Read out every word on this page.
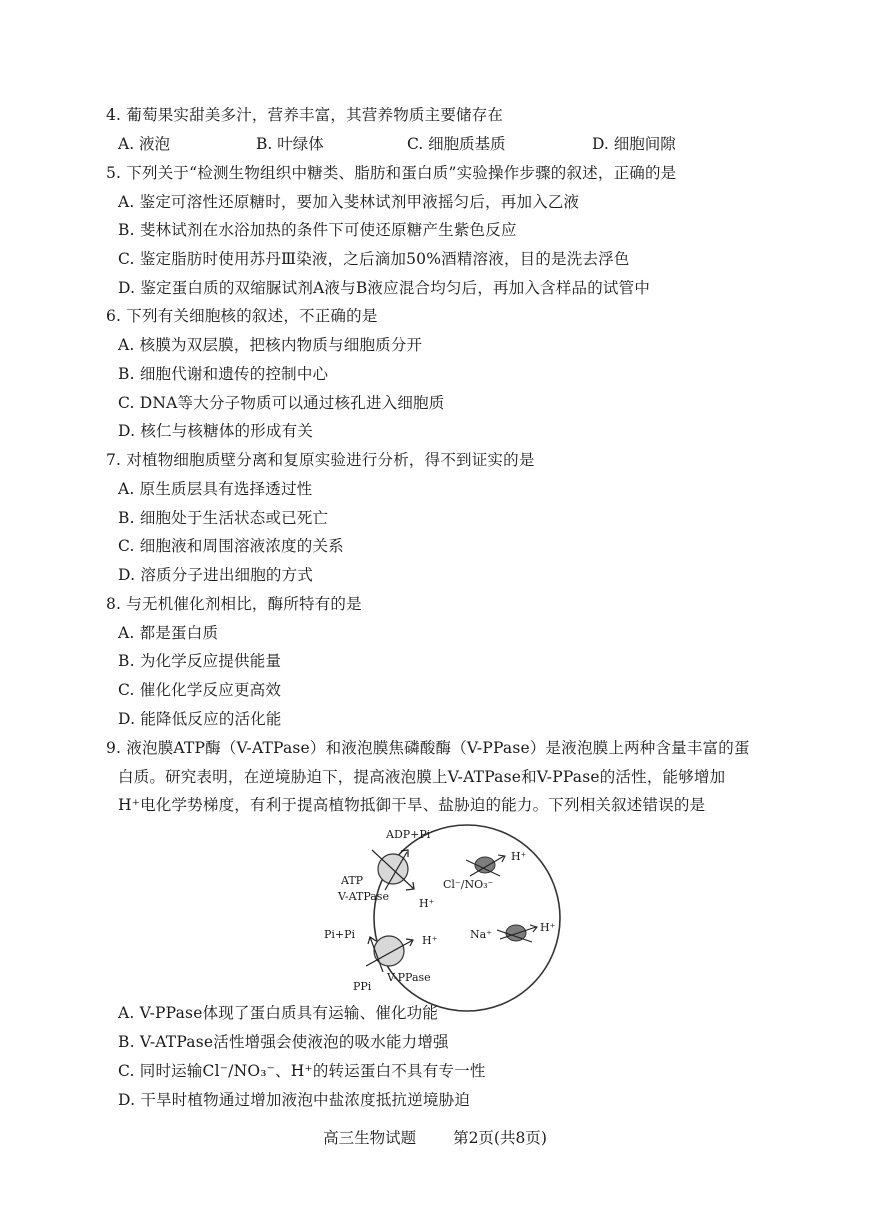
4. 葡萄果实甜美多汁，营养丰富，其营养物质主要储存在
A. 液泡	B. 叶绿体	C. 细胞质基质	D. 细胞间隙
5. 下列关于“检测生物组织中糖类、脂肪和蛋白质”实验操作步骤的叙述，正确的是
A. 鉴定可溶性还原糖时，要加入斐林试剂甲液摇匀后，再加入乙液
B. 斐林试剂在水浴加热的条件下可使还原糖产生紫色反应
C. 鉴定脂肪时使用苏丹Ⅲ染液，之后滴加50%酒精溶液，目的是洗去浮色
D. 鉴定蛋白质的双缩脲试剂A液与B液应混合均匀后，再加入含样品的试管中
6. 下列有关细胞核的叙述，不正确的是
A. 核膜为双层膜，把核内物质与细胞质分开
B. 细胞代谢和遗传的控制中心
C. DNA等大分子物质可以通过核孔进入细胞质
D. 核仁与核糖体的形成有关
7. 对植物细胞质壁分离和复原实验进行分析，得不到证实的是
A. 原生质层具有选择透过性
B. 细胞处于生活状态或已死亡
C. 细胞液和周围溶液浓度的关系
D. 溶质分子进出细胞的方式
8. 与无机催化剂相比，酶所特有的是
A. 都是蛋白质
B. 为化学反应提供能量
C. 催化化学反应更高效
D. 能降低反应的活化能
9. 液泡膜ATP酶（V-ATPase）和液泡膜焦磷酸酶（V-PPase）是液泡膜上两种含量丰富的蛋
白质。研究表明，在逆境胁迫下，提高液泡膜上V-ATPase和V-PPase的活性，能够增加
H⁺电化学势梯度，有利于提高植物抵御干旱、盐胁迫的能力。下列相关叙述错误的是
ADP+Pi
ATP
V-ATPase
H⁺
H⁺
Cl⁻/NO₃⁻
Pi+Pi	H⁺
PPi
V-PPase
Na⁺
H⁺
A. V-PPase体现了蛋白质具有运输、催化功能
B. V-ATPase活性增强会使液泡的吸水能力增强
C. 同时运输Cl⁻/NO₃⁻、H⁺的转运蛋白不具有专一性
D. 干旱时植物通过增加液泡中盐浓度抵抗逆境胁迫
高三生物试题 第2页(共8页)
